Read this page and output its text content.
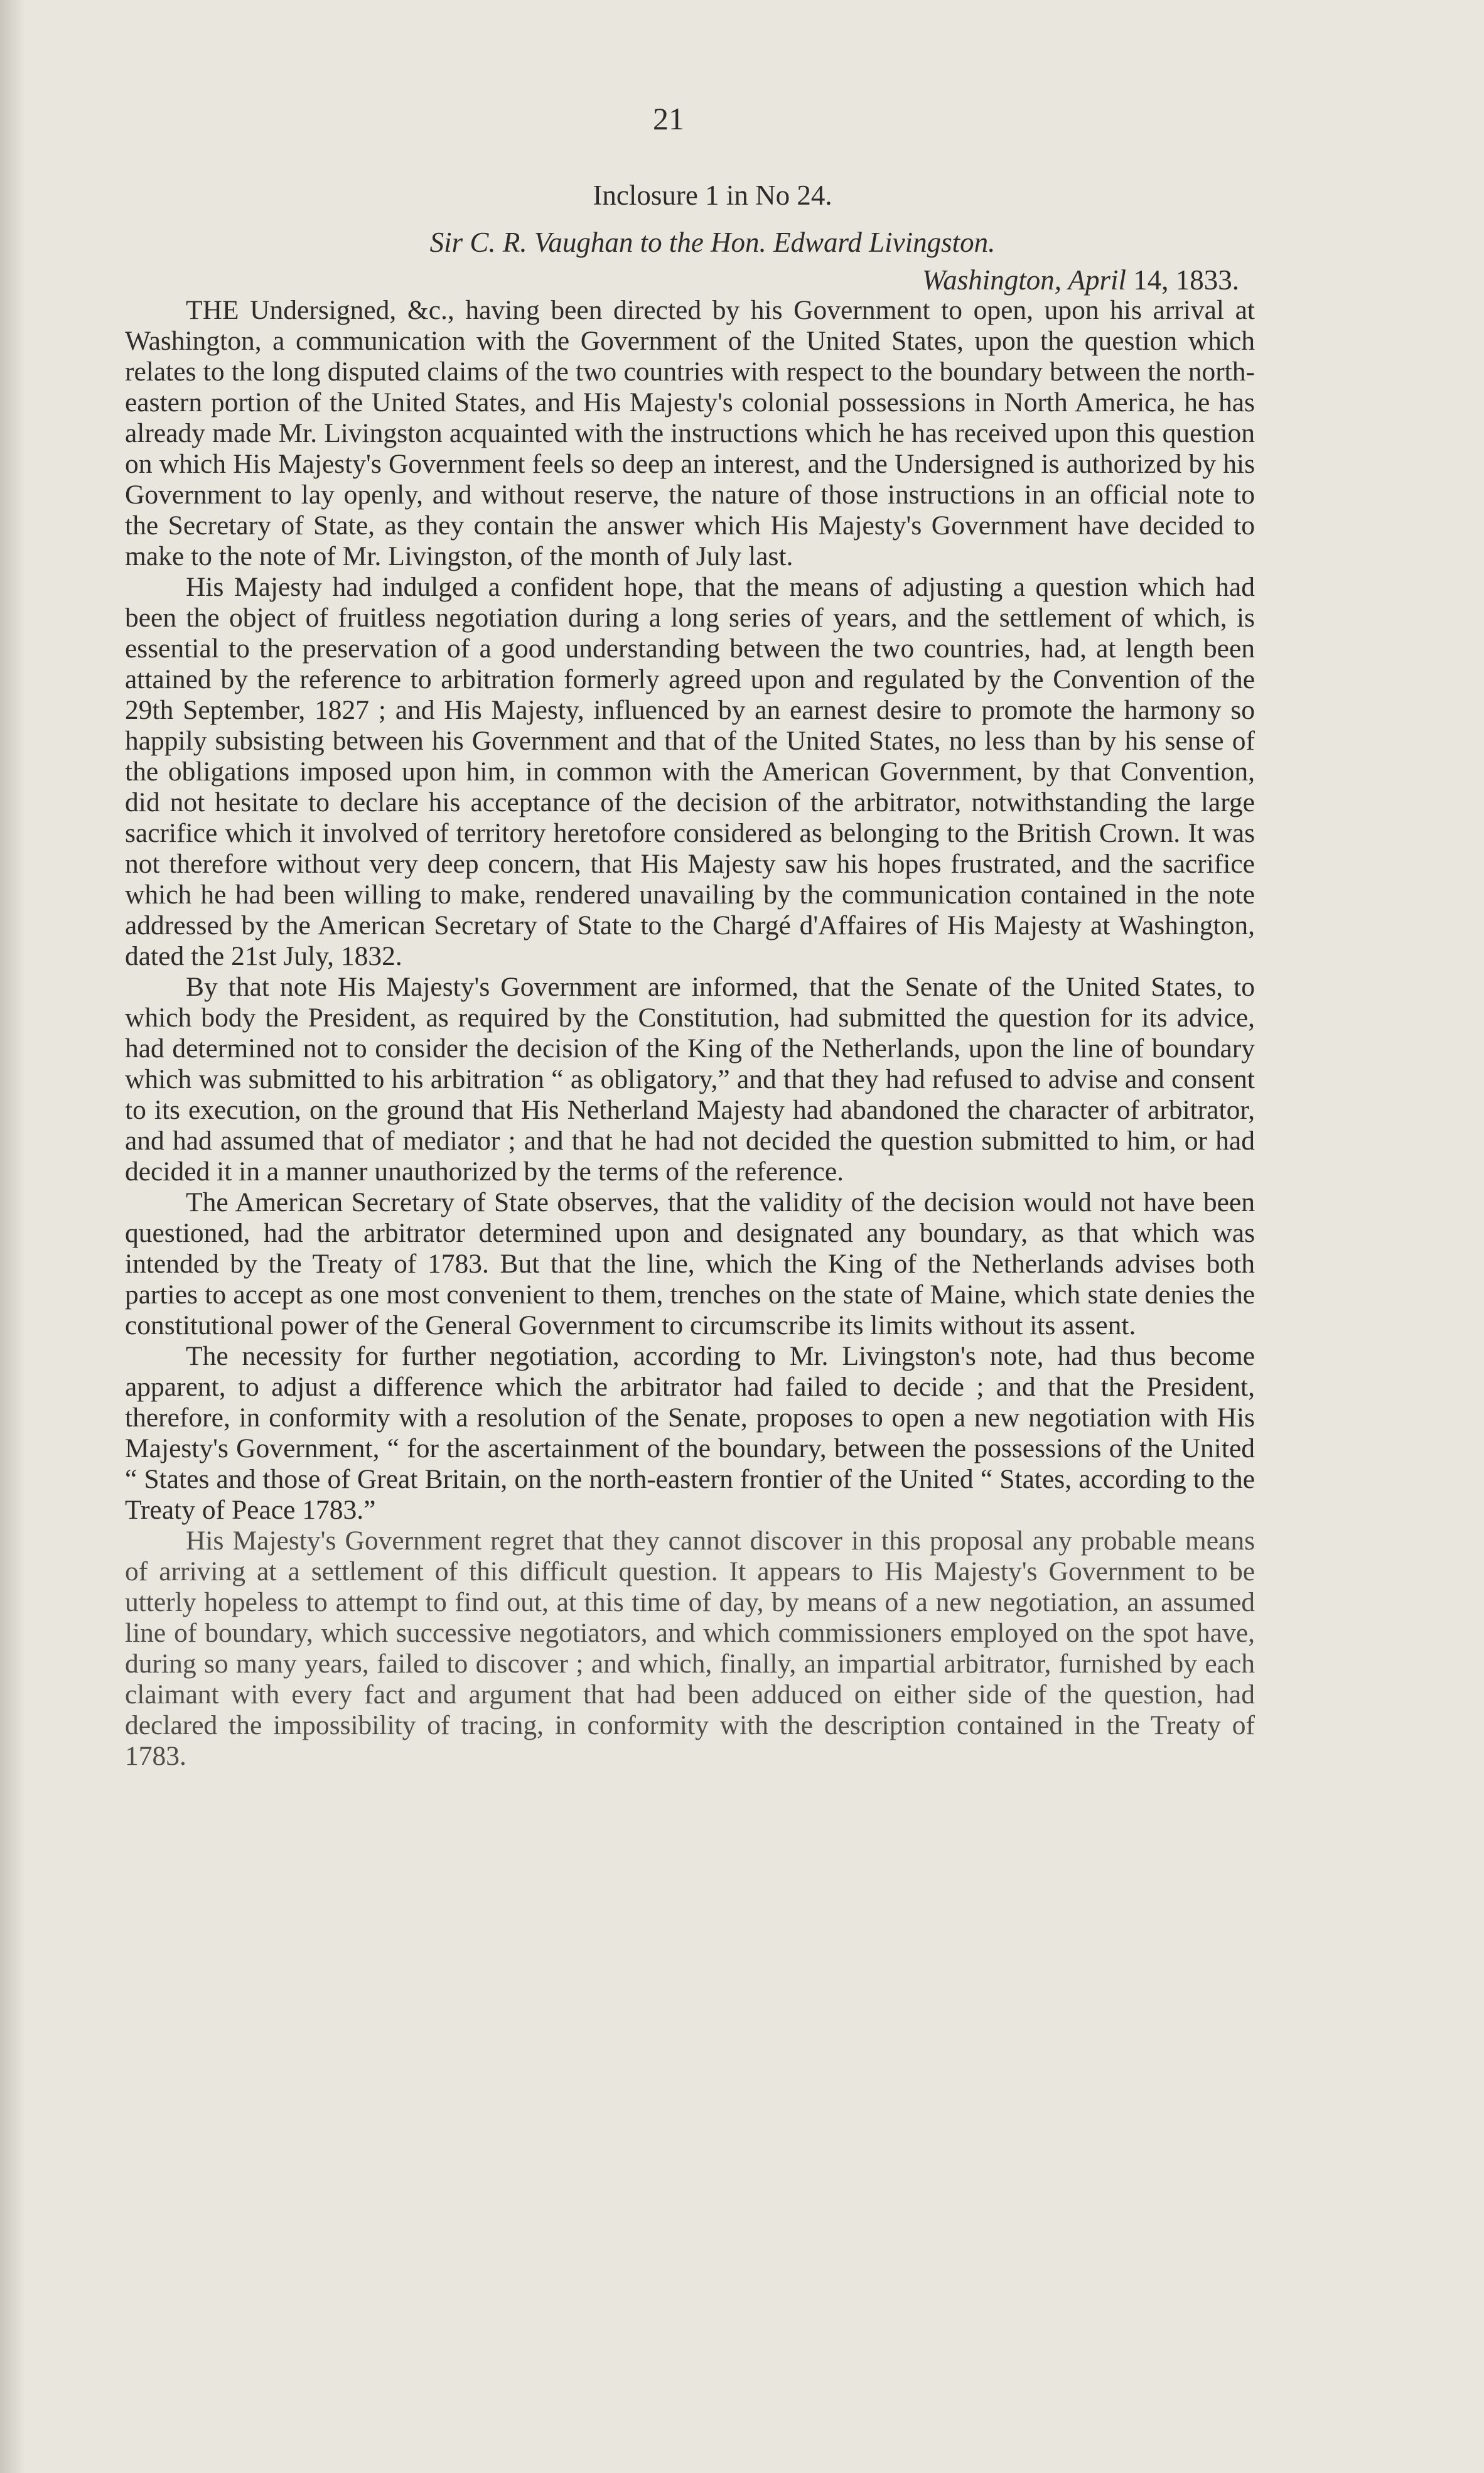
21
Inclosure 1 in No 24.
Sir C. R. Vaughan to the Hon. Edward Livingston.
Washington, April 14, 1833.

THE Undersigned, &c., having been directed by his Government to open, upon his arrival at Washington, a communication with the Government of the United States, upon the question which relates to the long disputed claims of the two countries with respect to the boundary between the north-eastern portion of the United States, and His Majesty's colonial possessions in North America, he has already made Mr. Livingston acquainted with the instructions which he has received upon this question on which His Majesty's Government feels so deep an interest, and the Undersigned is authorized by his Government to lay openly, and without reserve, the nature of those instructions in an official note to the Secretary of State, as they contain the answer which His Majesty's Government have decided to make to the note of Mr. Livingston, of the month of July last.

His Majesty had indulged a confident hope, that the means of adjusting a question which had been the object of fruitless negotiation during a long series of years, and the settlement of which, is essential to the preservation of a good understanding between the two countries, had, at length been attained by the reference to arbitration formerly agreed upon and regulated by the Convention of the 29th September, 1827 ; and His Majesty, influenced by an earnest desire to promote the harmony so happily subsisting between his Government and that of the United States, no less than by his sense of the obligations imposed upon him, in common with the American Government, by that Convention, did not hesitate to declare his acceptance of the decision of the arbitrator, notwithstanding the large sacrifice which it involved of territory heretofore considered as belonging to the British Crown. It was not therefore without very deep concern, that His Majesty saw his hopes frustrated, and the sacrifice which he had been willing to make, rendered unavailing by the communication contained in the note addressed by the American Secretary of State to the Chargé d'Affaires of His Majesty at Washington, dated the 21st July, 1832.

By that note His Majesty's Government are informed, that the Senate of the United States, to which body the President, as required by the Constitution, had submitted the question for its advice, had determined not to consider the decision of the King of the Netherlands, upon the line of boundary which was submitted to his arbitration “ as obligatory,” and that they had refused to advise and consent to its execution, on the ground that His Netherland Majesty had abandoned the character of arbitrator, and had assumed that of mediator ; and that he had not decided the question submitted to him, or had decided it in a manner unauthorized by the terms of the reference.

The American Secretary of State observes, that the validity of the decision would not have been questioned, had the arbitrator determined upon and designated any boundary, as that which was intended by the Treaty of 1783. But that the line, which the King of the Netherlands advises both parties to accept as one most convenient to them, trenches on the state of Maine, which state denies the constitutional power of the General Government to circumscribe its limits without its assent.

The necessity for further negotiation, according to Mr. Livingston's note, had thus become apparent, to adjust a difference which the arbitrator had failed to decide ; and that the President, therefore, in conformity with a resolution of the Senate, proposes to open a new negotiation with His Majesty's Government, “ for the ascertainment of the boundary, between the possessions of the United “ States and those of Great Britain, on the north-eastern frontier of the United “ States, according to the Treaty of Peace 1783.”

His Majesty's Government regret that they cannot discover in this proposal any probable means of arriving at a settlement of this difficult question. It appears to His Majesty's Government to be utterly hopeless to attempt to find out, at this time of day, by means of a new negotiation, an assumed line of boundary, which successive negotiators, and which commissioners employed on the spot have, during so many years, failed to discover ; and which, finally, an impartial arbitrator, furnished by each claimant with every fact and argument that had been adduced on either side of the question, had declared the impossibility of tracing, in conformity with the description contained in the Treaty of 1783.
